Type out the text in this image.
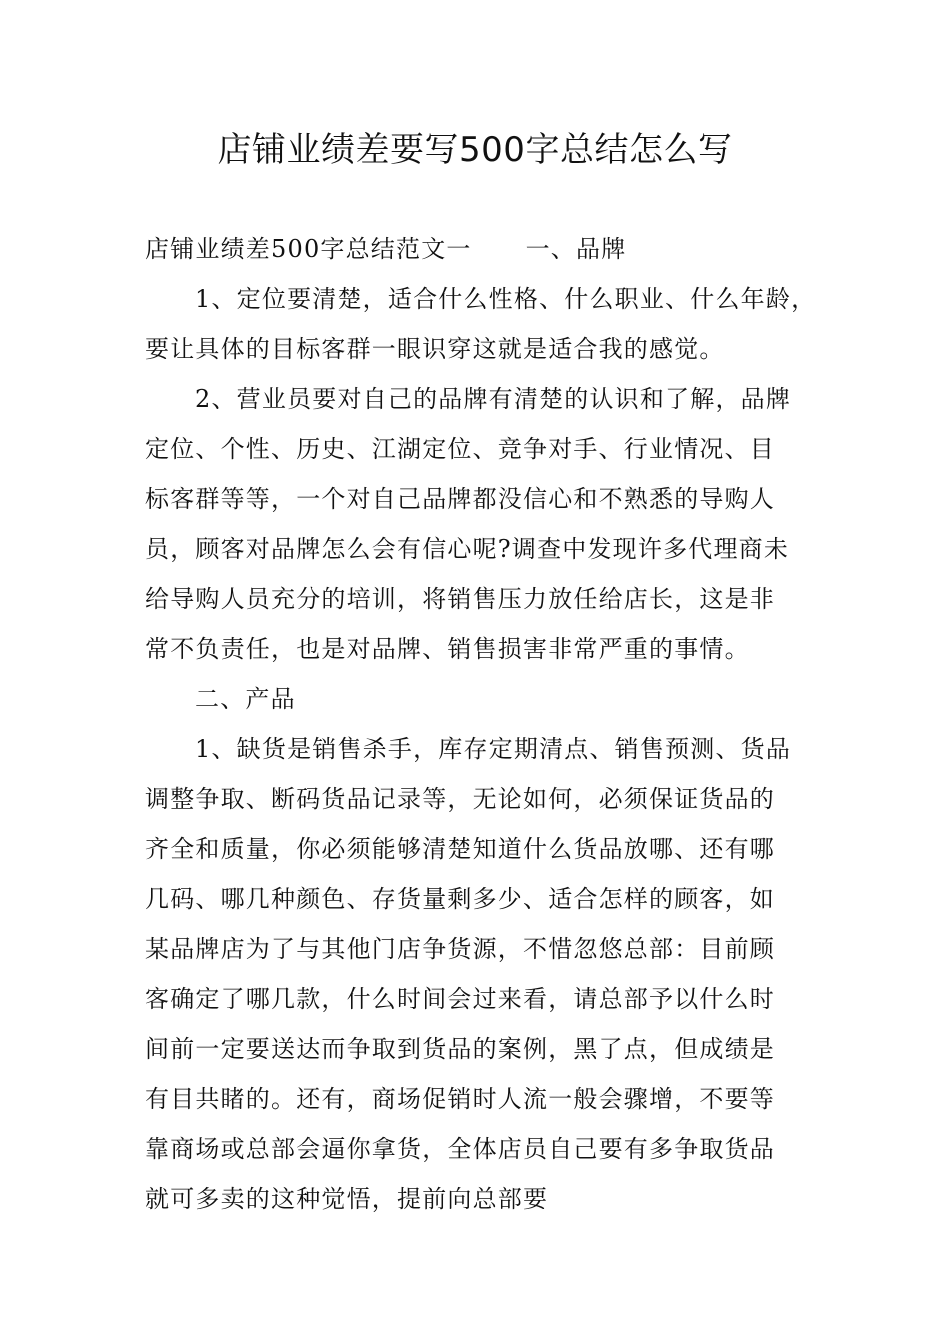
店铺业绩差要写500字总结怎么写
店铺业绩差500字总结范文一 一、品牌
1、定位要清楚，适合什么性格、什么职业、什么年龄，
要让具体的目标客群一眼识穿这就是适合我的感觉。
2、营业员要对自己的品牌有清楚的认识和了解，品牌
定位、个性、历史、江湖定位、竞争对手、行业情况、目
标客群等等，一个对自己品牌都没信心和不熟悉的导购人
员，顾客对品牌怎么会有信心呢?调查中发现许多代理商未
给导购人员充分的培训，将销售压力放任给店长，这是非
常不负责任，也是对品牌、销售损害非常严重的事情。
二、产品
1、缺货是销售杀手，库存定期清点、销售预测、货品
调整争取、断码货品记录等，无论如何，必须保证货品的
齐全和质量，你必须能够清楚知道什么货品放哪、还有哪
几码、哪几种颜色、存货量剩多少、适合怎样的顾客，如
某品牌店为了与其他门店争货源，不惜忽悠总部：目前顾
客确定了哪几款，什么时间会过来看，请总部予以什么时
间前一定要送达而争取到货品的案例，黑了点，但成绩是
有目共睹的。还有，商场促销时人流一般会骤增，不要等
靠商场或总部会逼你拿货，全体店员自己要有多争取货品
就可多卖的这种觉悟，提前向总部要
